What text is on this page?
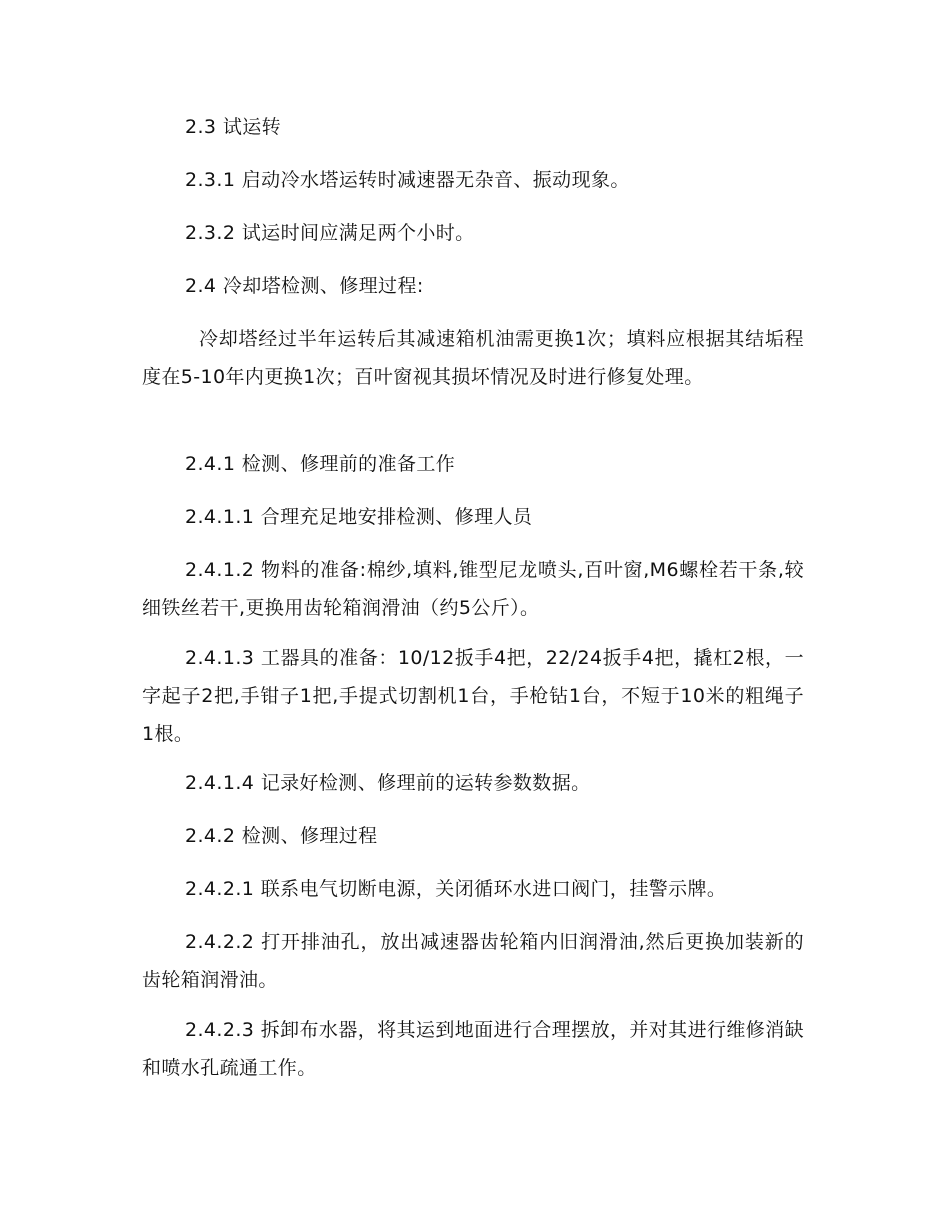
2.3 试运转
2.3.1 启动冷水塔运转时减速器无杂音、振动现象。
2.3.2 试运时间应满足两个小时。
2.4 冷却塔检测、修理过程:
冷却塔经过半年运转后其减速箱机油需更换1次；填料应根据其结垢程度在5-10年内更换1次；百叶窗视其损坏情况及时进行修复处理。
2.4.1 检测、修理前的准备工作
2.4.1.1 合理充足地安排检测、修理人员
2.4.1.2 物料的准备:棉纱,填料,锥型尼龙喷头,百叶窗,M6螺栓若干条,较细铁丝若干,更换用齿轮箱润滑油（约5公斤）。
2.4.1.3 工器具的准备：10/12扳手4把，22/24扳手4把，撬杠2根，一字起子2把,手钳子1把,手提式切割机1台，手枪钻1台，不短于10米的粗绳子1根。
2.4.1.4 记录好检测、修理前的运转参数数据。
2.4.2 检测、修理过程
2.4.2.1 联系电气切断电源，关闭循环水进口阀门，挂警示牌。
2.4.2.2 打开排油孔，放出减速器齿轮箱内旧润滑油,然后更换加装新的齿轮箱润滑油。
2.4.2.3 拆卸布水器，将其运到地面进行合理摆放，并对其进行维修消缺和喷水孔疏通工作。
